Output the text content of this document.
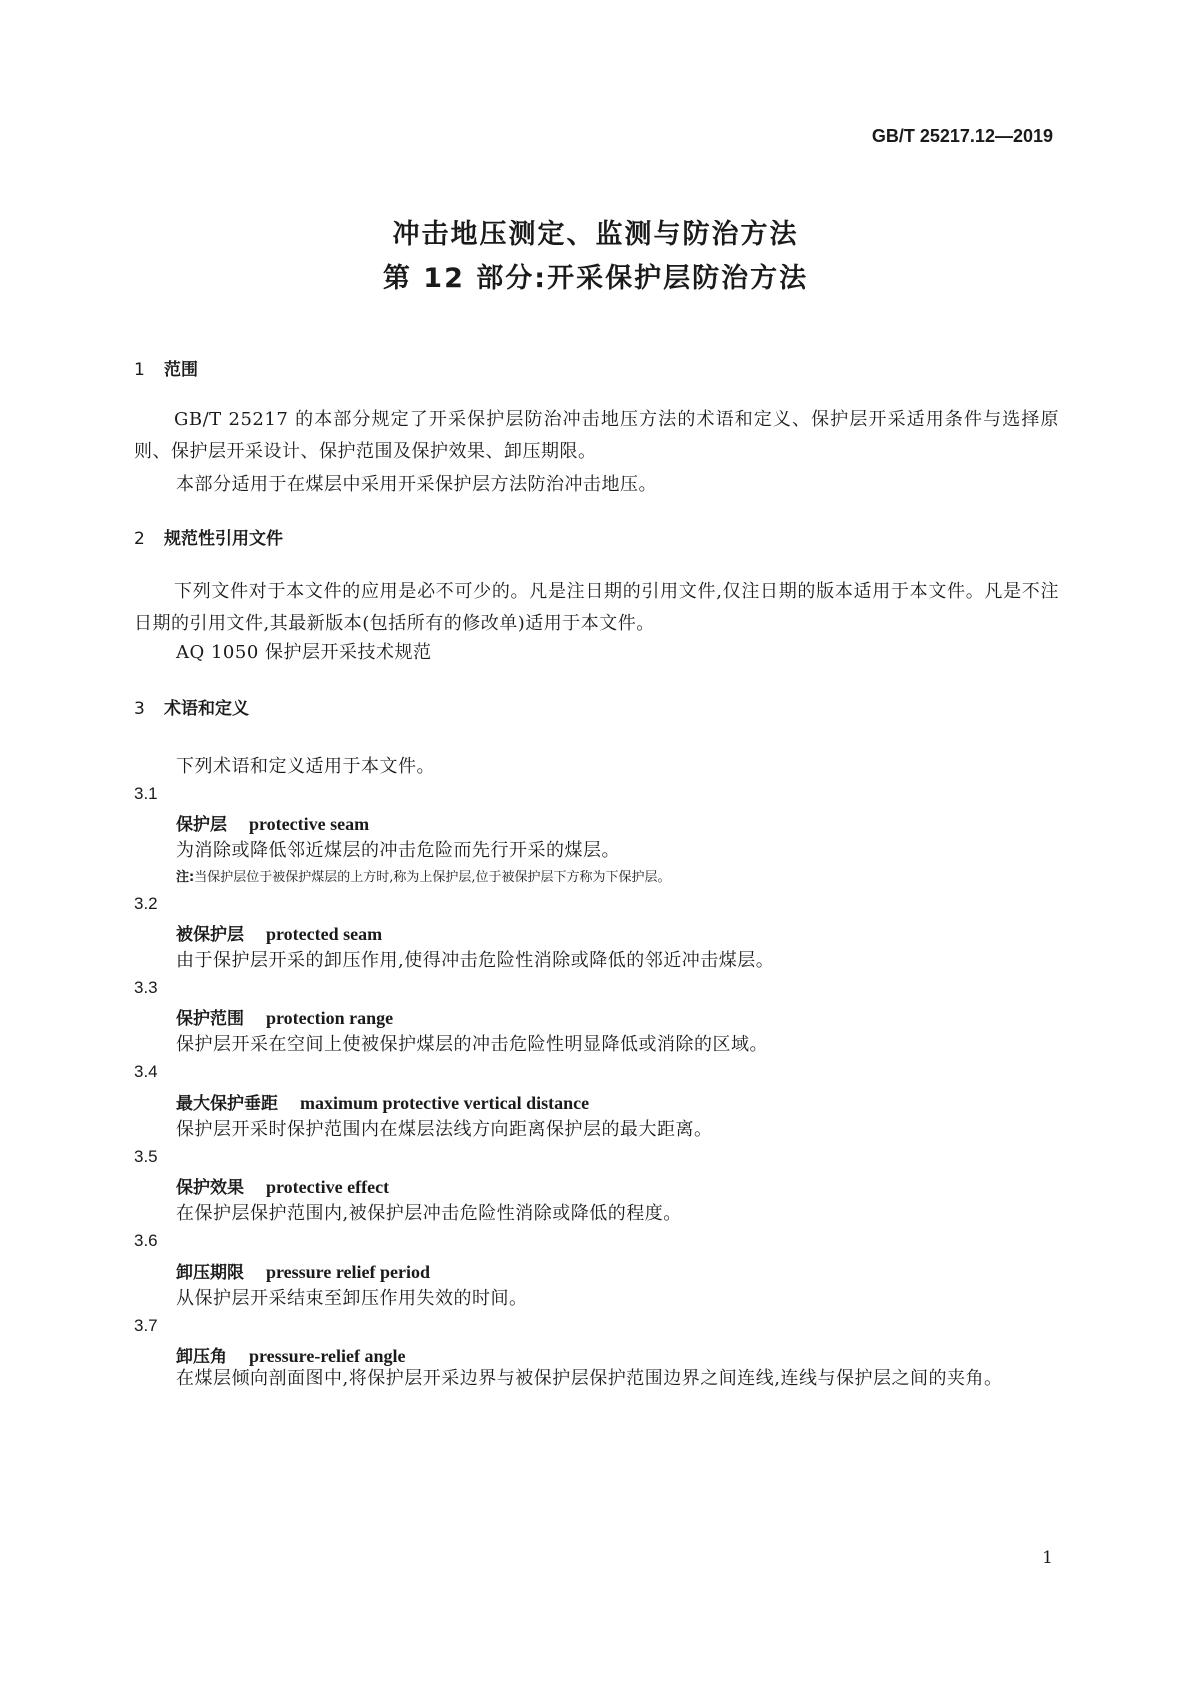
GB/T 25217.12—2019
冲击地压测定、监测与防治方法
第 12 部分:开采保护层防治方法
1 范围

GB/T 25217 的本部分规定了开采保护层防治冲击地压方法的术语和定义、保护层开采适用条件与选择原则、保护层开采设计、保护范围及保护效果、卸压期限。

本部分适用于在煤层中采用开采保护层方法防治冲击地压。

2 规范性引用文件

下列文件对于本文件的应用是必不可少的。凡是注日期的引用文件,仅注日期的版本适用于本文件。凡是不注日期的引用文件,其最新版本(包括所有的修改单)适用于本文件。

AQ 1050 保护层开采技术规范

3 术语和定义

下列术语和定义适用于本文件。

3.1
保护层 protective seam
为消除或降低邻近煤层的冲击危险而先行开采的煤层。
注:当保护层位于被保护煤层的上方时,称为上保护层,位于被保护层下方称为下保护层。
3.2
被保护层 protected seam
由于保护层开采的卸压作用,使得冲击危险性消除或降低的邻近冲击煤层。
3.3
保护范围 protection range
保护层开采在空间上使被保护煤层的冲击危险性明显降低或消除的区域。
3.4
最大保护垂距 maximum protective vertical distance
保护层开采时保护范围内在煤层法线方向距离保护层的最大距离。
3.5
保护效果 protective effect
在保护层保护范围内,被保护层冲击危险性消除或降低的程度。
3.6
卸压期限 pressure relief period
从保护层开采结束至卸压作用失效的时间。
3.7
卸压角 pressure-relief angle

在煤层倾向剖面图中,将保护层开采边界与被保护层保护范围边界之间连线,连线与保护层之间的夹角。

1
